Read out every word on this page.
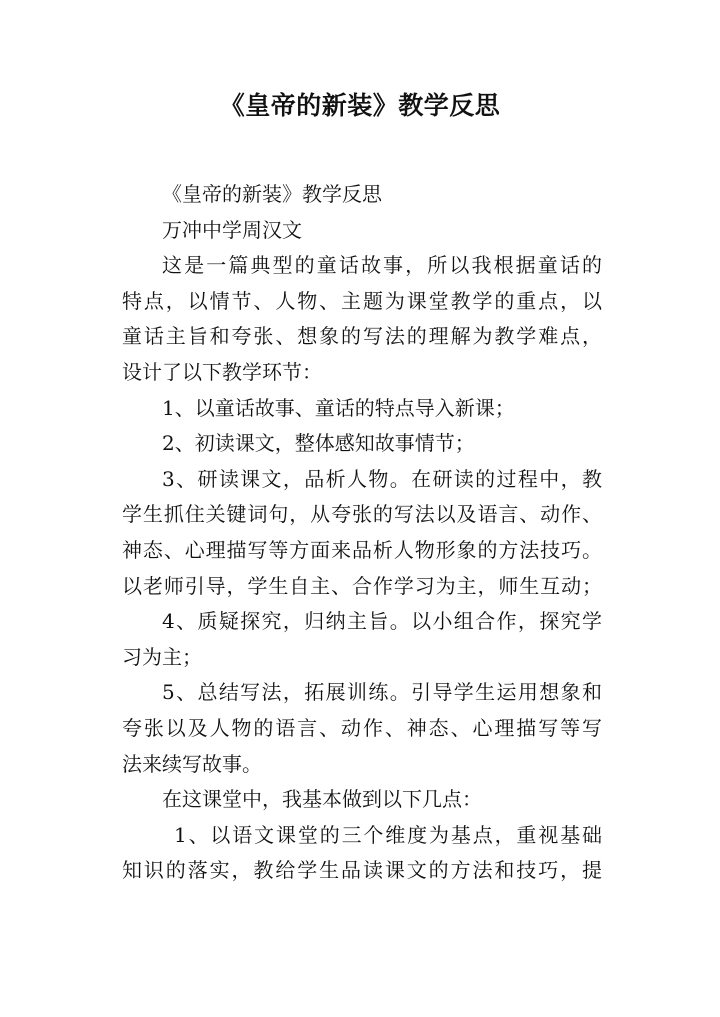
《皇帝的新装》教学反思
《皇帝的新装》教学反思
万冲中学周汉文
这是一篇典型的童话故事，所以我根据童话的
特点，以情节、人物、主题为课堂教学的重点，以
童话主旨和夸张、想象的写法的理解为教学难点，
设计了以下教学环节：
1、以童话故事、童话的特点导入新课；
2、初读课文，整体感知故事情节；
3、研读课文，品析人物。在研读的过程中，教
学生抓住关键词句，从夸张的写法以及语言、动作、
神态、心理描写等方面来品析人物形象的方法技巧。
以老师引导，学生自主、合作学习为主，师生互动；
4、质疑探究，归纳主旨。以小组合作，探究学
习为主；
5、总结写法，拓展训练。引导学生运用想象和
夸张以及人物的语言、动作、神态、心理描写等写
法来续写故事。
在这课堂中，我基本做到以下几点：
1、以语文课堂的三个维度为基点，重视基础
知识的落实，教给学生品读课文的方法和技巧，提
